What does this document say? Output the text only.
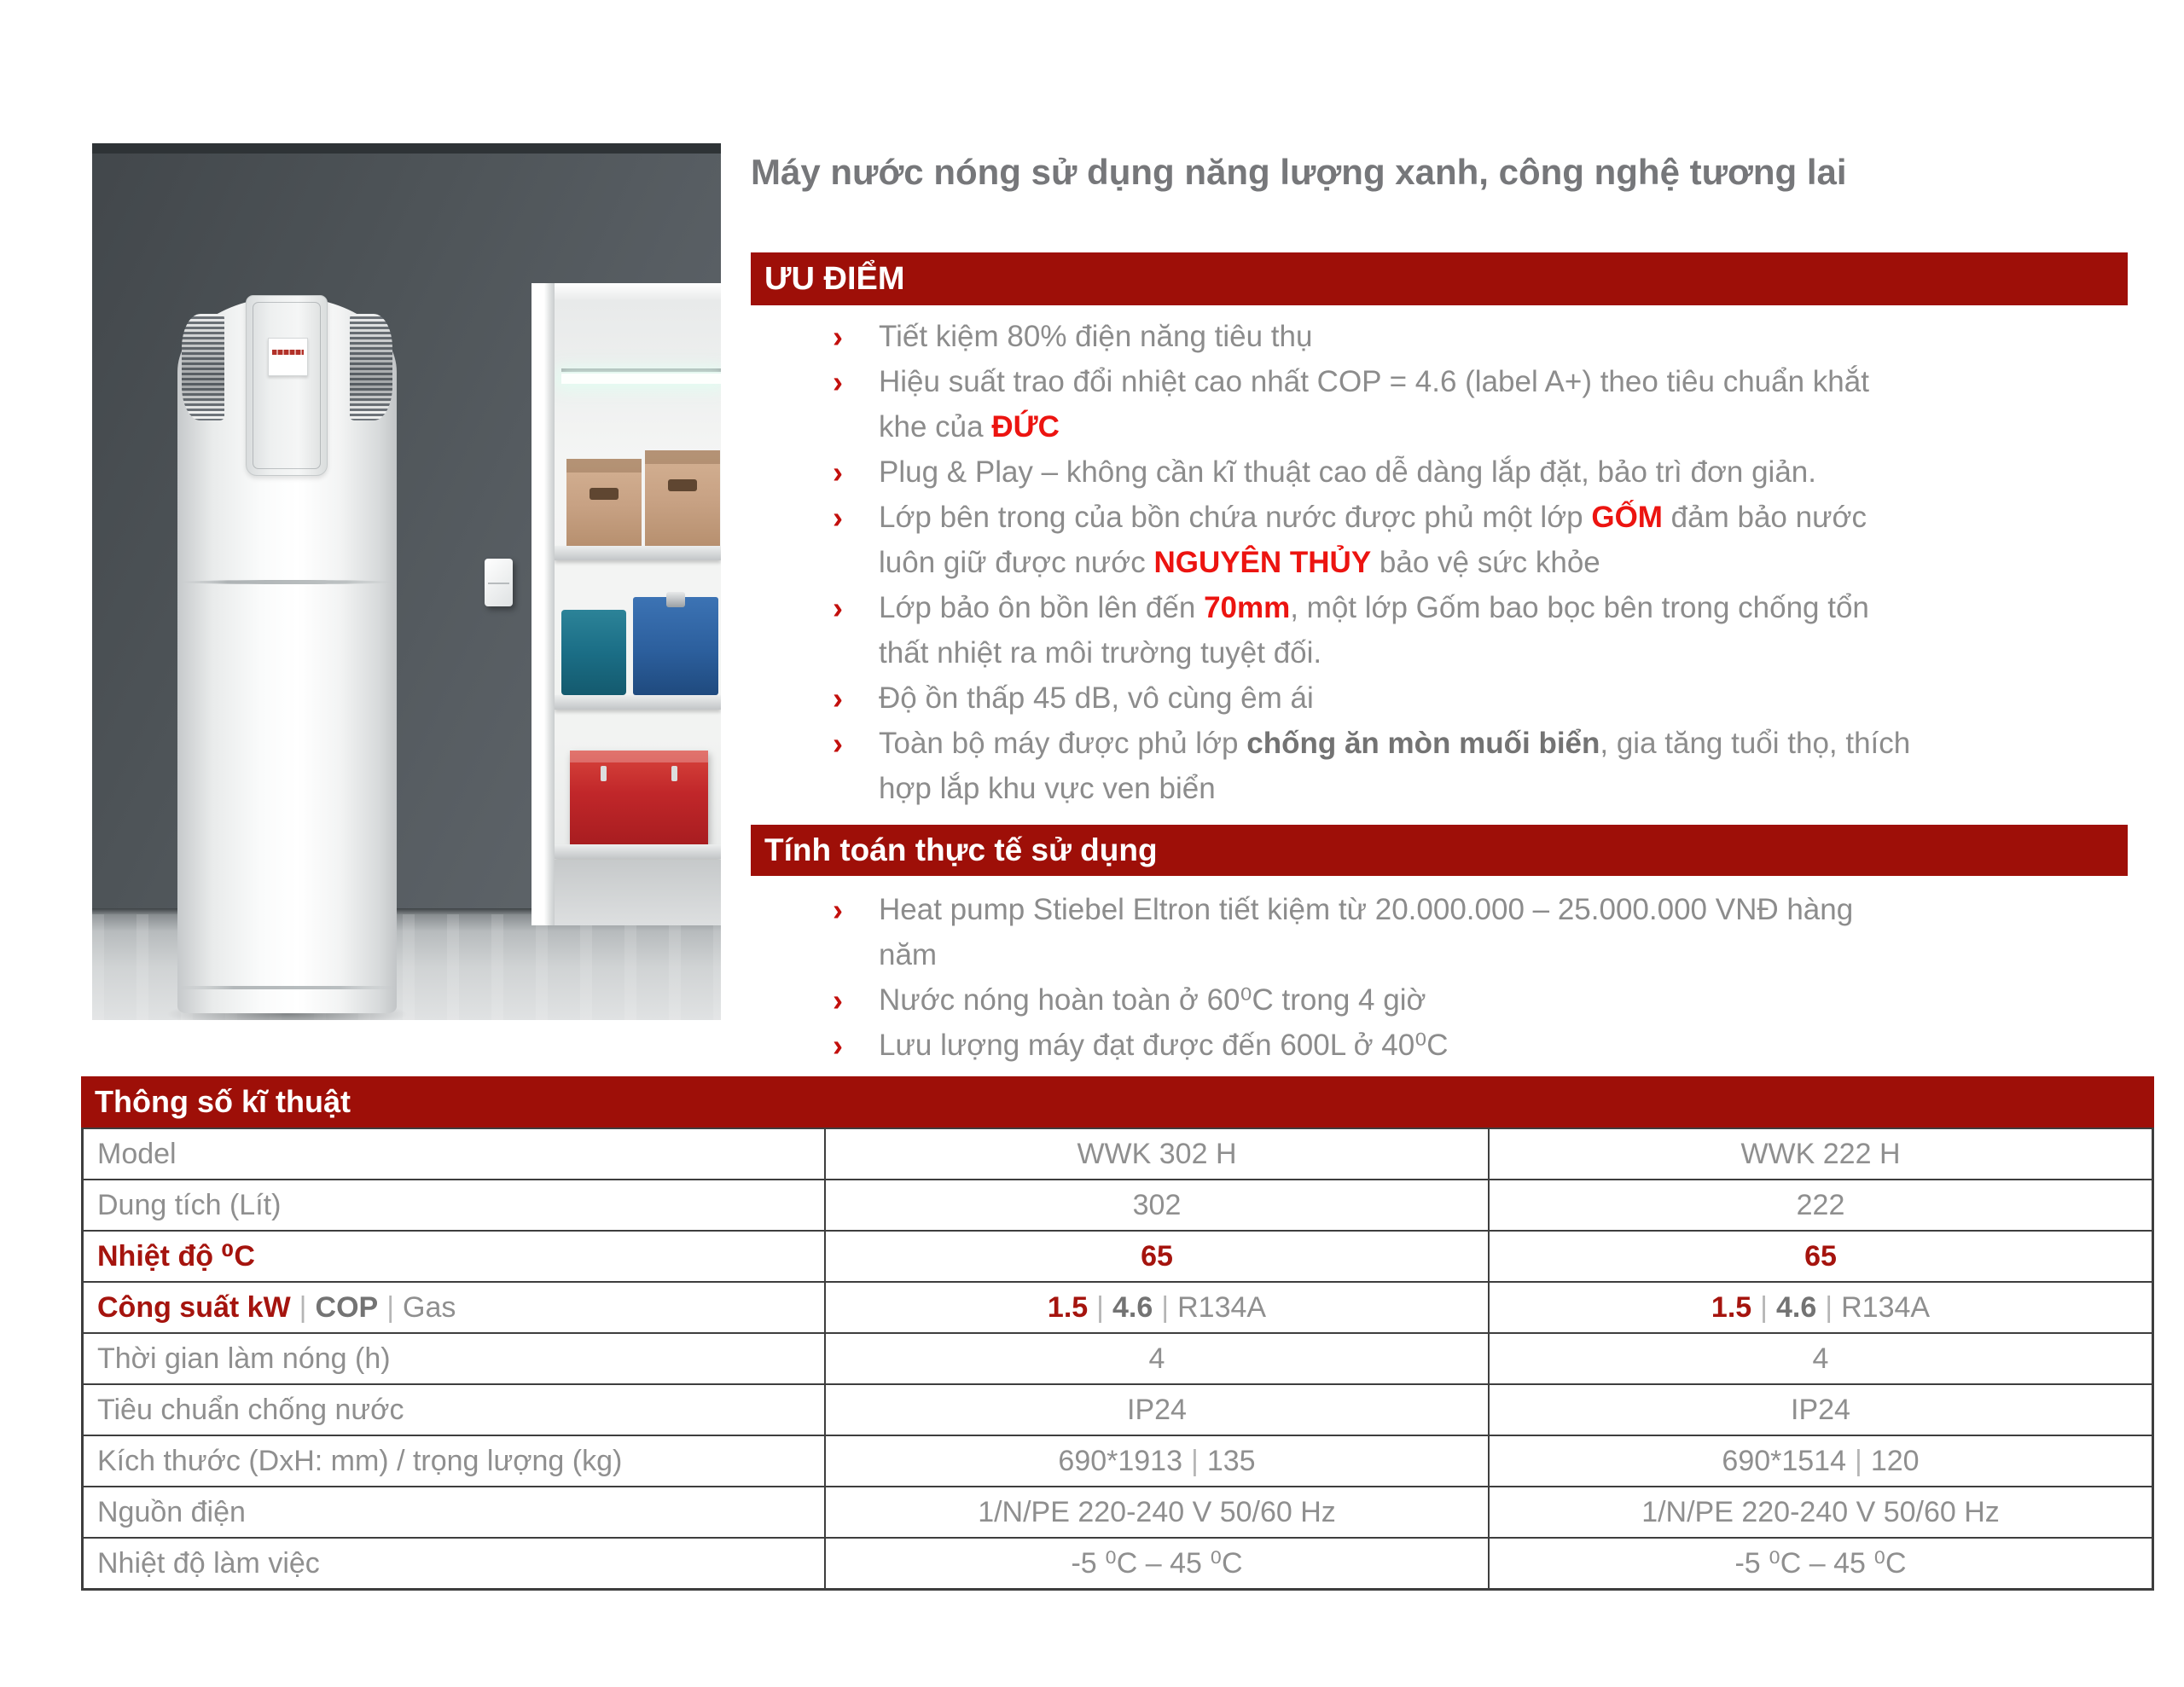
Máy nước nóng sử dụng năng lượng xanh, công nghệ tương lai
ƯU ĐIỂM
›	Tiết kiệm 80% điện năng tiêu thụ
›	Hiệu suất trao đổi nhiệt cao nhất COP = 4.6 (label A+) theo tiêu chuẩn khắt
khe của ĐỨC
›	Plug & Play – không cần kĩ thuật cao dễ dàng lắp đặt, bảo trì đơn giản.
›	Lớp bên trong của bồn chứa nước được phủ một lớp GỐM đảm bảo nước
luôn giữ được nước NGUYÊN THỦY bảo vệ sức khỏe
›	Lớp bảo ôn bồn lên đến 70mm, một lớp Gốm bao bọc bên trong chống tổn
thất nhiệt ra môi trường tuyệt đối.
›	Độ ồn thấp 45 dB, vô cùng êm ái
›	Toàn bộ máy được phủ lớp chống ăn mòn muối biển, gia tăng tuổi thọ, thích
hợp lắp khu vực ven biển
Tính toán thực tế sử dụng
›	Heat pump Stiebel Eltron tiết kiệm từ 20.000.000 – 25.000.000 VNĐ hàng
năm
›	Nước nóng hoàn toàn ở 60⁰C trong 4 giờ
›	Lưu lượng máy đạt được đến 600L ở 40⁰C
Thông số kĩ thuật
Model	WWK 302 H	WWK 222 H
Dung tích (Lít)	302	222
Nhiệt độ ⁰C	65	65
Công suất kW | COP | Gas	1.5 | 4.6 | R134A	1.5 | 4.6 | R134A
Thời gian làm nóng (h)	4	4
Tiêu chuẩn chống nước	IP24	IP24
Kích thước (DxH: mm) / trọng lượng (kg)	690*1913 | 135	690*1514 | 120
Nguồn điện	1/N/PE 220-240 V 50/60 Hz	1/N/PE 220-240 V 50/60 Hz
Nhiệt độ làm việc	-5 ⁰C – 45 ⁰C	-5 ⁰C – 45 ⁰C
